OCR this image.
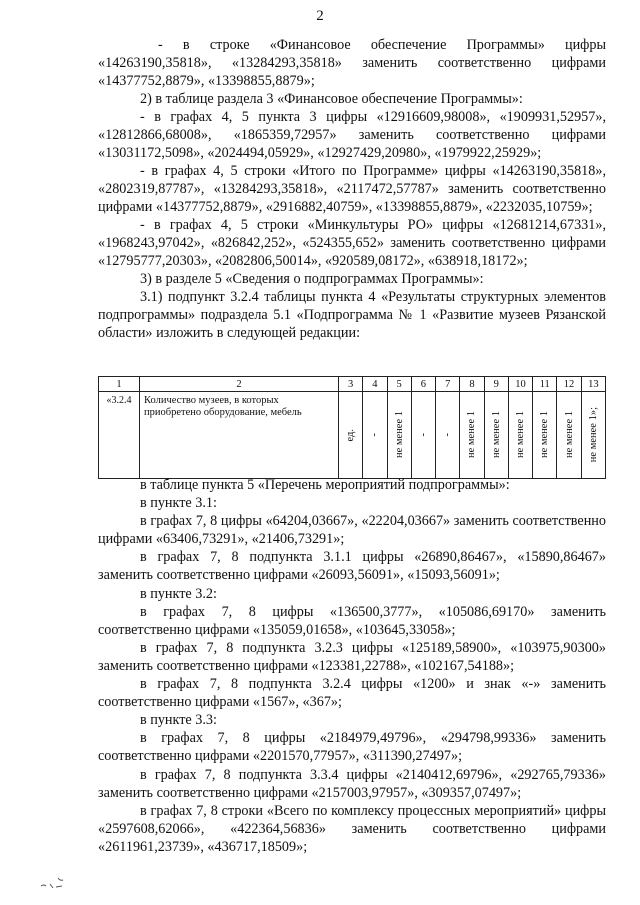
2

- в строке «Финансовое обеспечение Программы» цифры «14263190,35818», «13284293,35818» заменить соответственно цифрами «14377752,8879», «13398855,8879»;

2) в таблице раздела 3 «Финансовое обеспечение Программы»:

- в графах 4, 5 пункта 3 цифры «12916609,98008», «1909931,52957», «12812866,68008», «1865359,72957» заменить соответственно цифрами «13031172,5098», «2024494,05929», «12927429,20980», «1979922,25929»;

- в графах 4, 5 строки «Итого по Программе» цифры «14263190,35818», «2802319,87787», «13284293,35818», «2117472,57787» заменить соответственно цифрами «14377752,8879», «2916882,40759», «13398855,8879», «2232035,10759»;

- в графах 4, 5 строки «Минкультуры РО» цифры «12681214,67331», «1968243,97042», «826842,252», «524355,652» заменить соответственно цифрами «12795777,20303», «2082806,50014», «920589,08172», «638918,18172»;

3) в разделе 5 «Сведения о подпрограммах Программы»:

3.1) подпункт 3.2.4 таблицы пункта 4 «Результаты структурных элементов подпрограммы» подраздела 5.1 «Подпрограмма № 1 «Развитие музеев Рязанской области» изложить в следующей редакции:

1	2	3	4	5	6	7	8	9	10	11	12	13
«3.2.4	Количество музеев, в которых приобретено оборудование, мебель	ед.	-	не менее 1	-	-	не менее 1	не менее 1	не менее 1	не менее 1	не менее 1	не менее 1»;

в таблице пункта 5 «Перечень мероприятий подпрограммы»:

в пункте 3.1:

в графах 7, 8 цифры «64204,03667», «22204,03667» заменить соответственно цифрами «63406,73291», «21406,73291»;

в графах 7, 8 подпункта 3.1.1 цифры «26890,86467», «15890,86467» заменить соответственно цифрами «26093,56091», «15093,56091»;

в пункте 3.2:

в графах 7, 8 цифры «136500,3777», «105086,69170» заменить соответственно цифрами «135059,01658», «103645,33058»;

в графах 7, 8 подпункта 3.2.3 цифры «125189,58900», «103975,90300» заменить соответственно цифрами «123381,22788», «102167,54188»;

в графах 7, 8 подпункта 3.2.4 цифры «1200» и знак «-» заменить соответственно цифрами «1567», «367»;

в пункте 3.3:

в графах 7, 8 цифры «2184979,49796», «294798,99336» заменить соответственно цифрами «2201570,77957», «311390,27497»;

в графах 7, 8 подпункта 3.3.4 цифры «2140412,69796», «292765,79336» заменить соответственно цифрами «2157003,97957», «309357,07497»;

в графах 7, 8 строки «Всего по комплексу процессных мероприятий» цифры «2597608,62066», «422364,56836» заменить соответственно цифрами «2611961,23739», «436717,18509»;
